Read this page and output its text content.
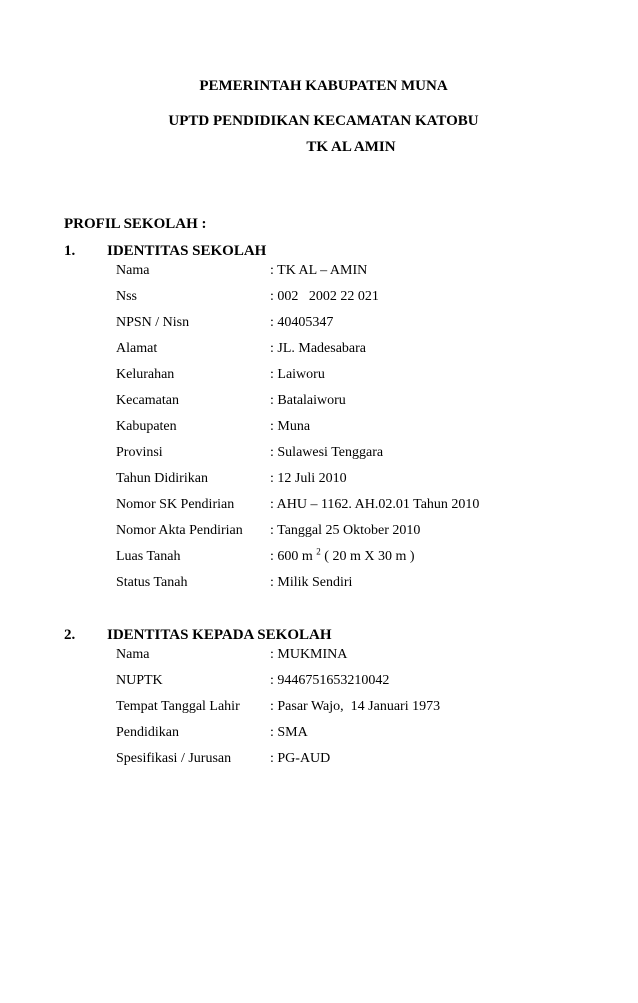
PEMERINTAH KABUPATEN MUNA
UPTD PENDIDIKAN KECAMATAN KATOBU
TK AL AMIN
PROFIL SEKOLAH :
1. IDENTITAS SEKOLAH
Nama	: TK AL – AMIN
Nss	: 002   2002 22 021
NPSN / Nisn	: 40405347
Alamat	: JL. Madesabara
Kelurahan	: Laiworu
Kecamatan	: Batalaiworu
Kabupaten	: Muna
Provinsi	: Sulawesi Tenggara
Tahun Didirikan	: 12 Juli 2010
Nomor SK Pendirian	: AHU – 1162. AH.02.01 Tahun 2010
Nomor Akta Pendirian : Tanggal 25 Oktober 2010
Luas Tanah	: 600 m $^2$ ( 20 m X 30 m )
Status Tanah	: Milik Sendiri
2. IDENTITAS KEPADA SEKOLAH
Nama	: MUKMINA
NUPTK	: 9446751653210042
Tempat Tanggal Lahir : Pasar Wajo,  14 Januari 1973
Pendidikan	: SMA
Spesifikasi / Jurusan	: PG-AUD
